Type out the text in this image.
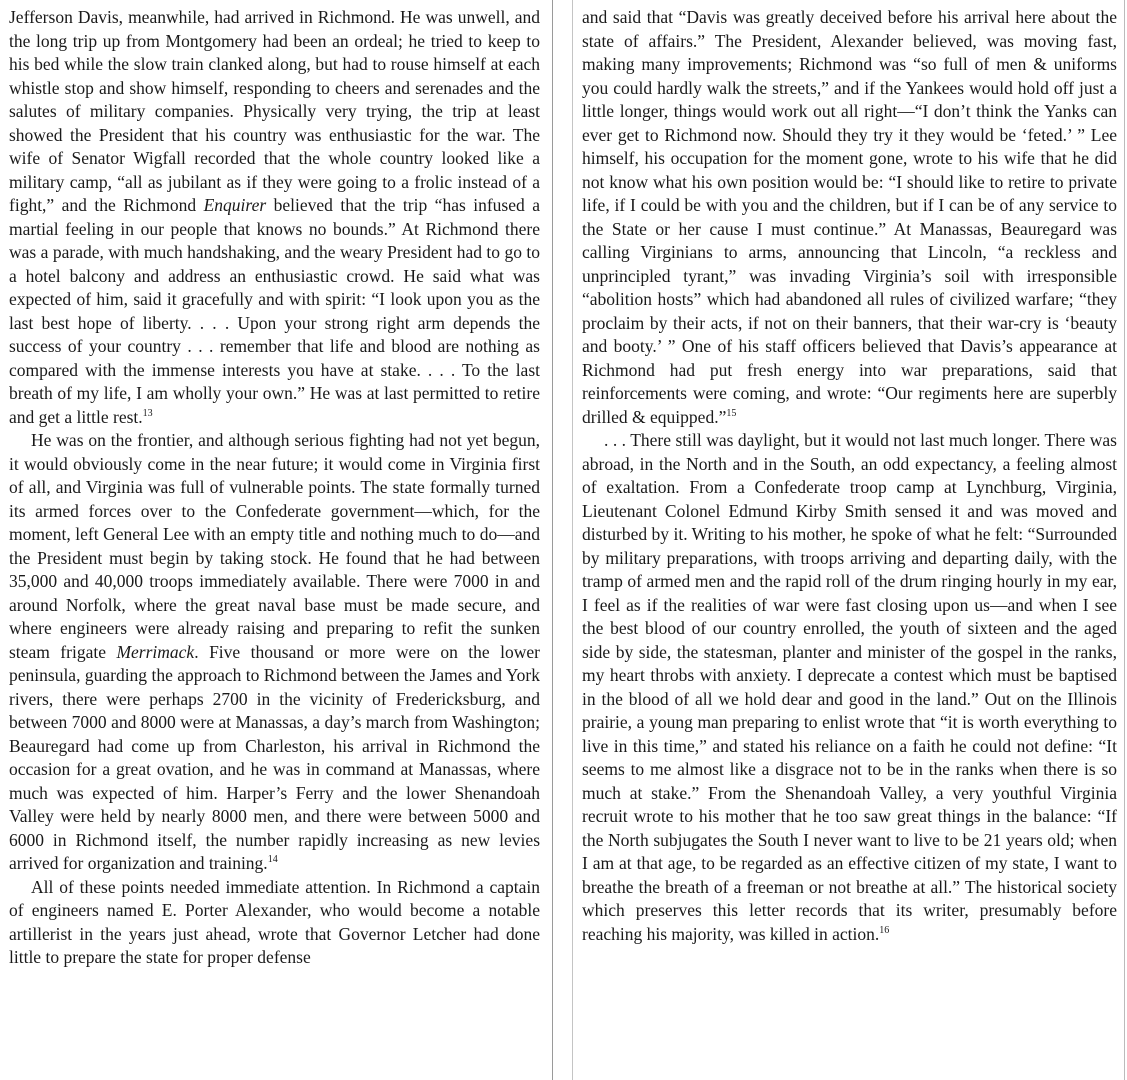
Jefferson Davis, meanwhile, had arrived in Richmond. He was unwell, and the long trip up from Montgomery had been an ordeal; he tried to keep to his bed while the slow train clanked along, but had to rouse himself at each whistle stop and show himself, responding to cheers and serenades and the salutes of military companies. Physically very trying, the trip at least showed the President that his country was enthusiastic for the war. The wife of Senator Wigfall recorded that the whole country looked like a military camp, “all as jubilant as if they were going to a frolic instead of a fight,” and the Richmond Enquirer believed that the trip “has infused a martial feeling in our people that knows no bounds.” At Richmond there was a parade, with much handshaking, and the weary President had to go to a hotel balcony and address an enthusiastic crowd. He said what was expected of him, said it gracefully and with spirit: “I look upon you as the last best hope of liberty. . . . Upon your strong right arm depends the success of your country . . . remember that life and blood are nothing as compared with the immense interests you have at stake. . . . To the last breath of my life, I am wholly your own.” He was at last permitted to retire and get a little rest.$^{13}$

He was on the frontier, and although serious fighting had not yet begun, it would obviously come in the near future; it would come in Virginia first of all, and Virginia was full of vulnerable points. The state formally turned its armed forces over to the Confederate government—which, for the moment, left General Lee with an empty title and nothing much to do—and the President must begin by taking stock. He found that he had between 35,000 and 40,000 troops immediately available. There were 7000 in and around Norfolk, where the great naval base must be made secure, and where engineers were already raising and preparing to refit the sunken steam frigate Merrimack. Five thousand or more were on the lower peninsula, guarding the approach to Richmond between the James and York rivers, there were perhaps 2700 in the vicinity of Fredericksburg, and between 7000 and 8000 were at Manassas, a day’s march from Washington; Beauregard had come up from Charleston, his arrival in Richmond the occasion for a great ovation, and he was in command at Manassas, where much was expected of him. Harper’s Ferry and the lower Shenandoah Valley were held by nearly 8000 men, and there were between 5000 and 6000 in Richmond itself, the number rapidly increasing as new levies arrived for organization and training.$^{14}$

All of these points needed immediate attention. In Richmond a captain of engineers named E. Porter Alexander, who would become a notable artillerist in the years just ahead, wrote that Governor Letcher had done little to prepare the state for proper defense

and said that “Davis was greatly deceived before his arrival here about the state of affairs.” The President, Alexander believed, was moving fast, making many improvements; Richmond was “so full of men & uniforms you could hardly walk the streets,” and if the Yankees would hold off just a little longer, things would work out all right—“I don’t think the Yanks can ever get to Richmond now. Should they try it they would be ‘feted.’ ” Lee himself, his occupation for the moment gone, wrote to his wife that he did not know what his own position would be: “I should like to retire to private life, if I could be with you and the children, but if I can be of any service to the State or her cause I must continue.” At Manassas, Beauregard was calling Virginians to arms, announcing that Lincoln, “a reckless and unprincipled tyrant,” was invading Virginia’s soil with irresponsible “abolition hosts” which had abandoned all rules of civilized warfare; “they proclaim by their acts, if not on their banners, that their war-cry is ‘beauty and booty.’ ” One of his staff officers believed that Davis’s appearance at Richmond had put fresh energy into war preparations, said that reinforcements were coming, and wrote: “Our regiments here are superbly drilled & equipped.”$^{15}$

. . . There still was daylight, but it would not last much longer. There was abroad, in the North and in the South, an odd expectancy, a feeling almost of exaltation. From a Confederate troop camp at Lynchburg, Virginia, Lieutenant Colonel Edmund Kirby Smith sensed it and was moved and disturbed by it. Writing to his mother, he spoke of what he felt: “Surrounded by military preparations, with troops arriving and departing daily, with the tramp of armed men and the rapid roll of the drum ringing hourly in my ear, I feel as if the realities of war were fast closing upon us—and when I see the best blood of our country enrolled, the youth of sixteen and the aged side by side, the statesman, planter and minister of the gospel in the ranks, my heart throbs with anxiety. I deprecate a contest which must be baptised in the blood of all we hold dear and good in the land.” Out on the Illinois prairie, a young man preparing to enlist wrote that “it is worth everything to live in this time,” and stated his reliance on a faith he could not define: “It seems to me almost like a disgrace not to be in the ranks when there is so much at stake.” From the Shenandoah Valley, a very youthful Virginia recruit wrote to his mother that he too saw great things in the balance: “If the North subjugates the South I never want to live to be 21 years old; when I am at that age, to be regarded as an effective citizen of my state, I want to breathe the breath of a freeman or not breathe at all.” The historical society which preserves this letter records that its writer, presumably before reaching his majority, was killed in action.$^{16}$
